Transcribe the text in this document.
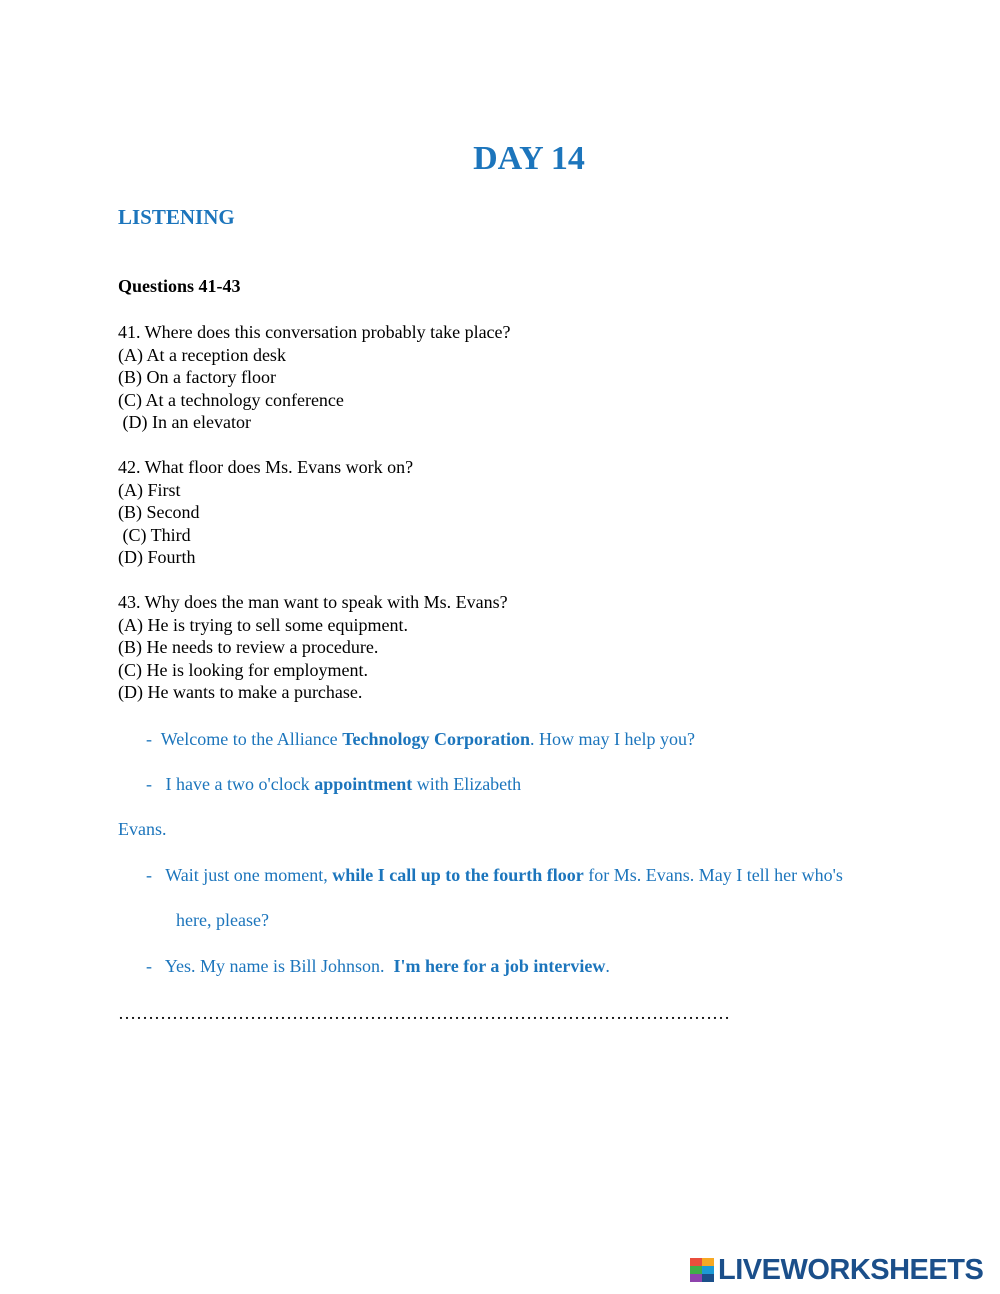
DAY 14
LISTENING
Questions 41-43
41. Where does this conversation probably take place?
(A) At a reception desk
(B) On a factory floor
(C) At a technology conference
(D) In an elevator
42. What floor does Ms. Evans work on?
(A) First
(B) Second
(C) Third
(D) Fourth
43. Why does the man want to speak with Ms. Evans?
(A) He is trying to sell some equipment.
(B) He needs to review a procedure.
(C) He is looking for employment.
(D) He wants to make a purchase.
- Welcome to the Alliance Technology Corporation. How may I help you?
- I have a two o'clock appointment with Elizabeth
Evans.
- Wait just one moment, while I call up to the fourth floor for Ms. Evans. May I tell her who's
here, please?
- Yes. My name is Bill Johnson.  I'm here for a job interview.
…………………………………………………………………………………………
LIVEWORKSHEETS
